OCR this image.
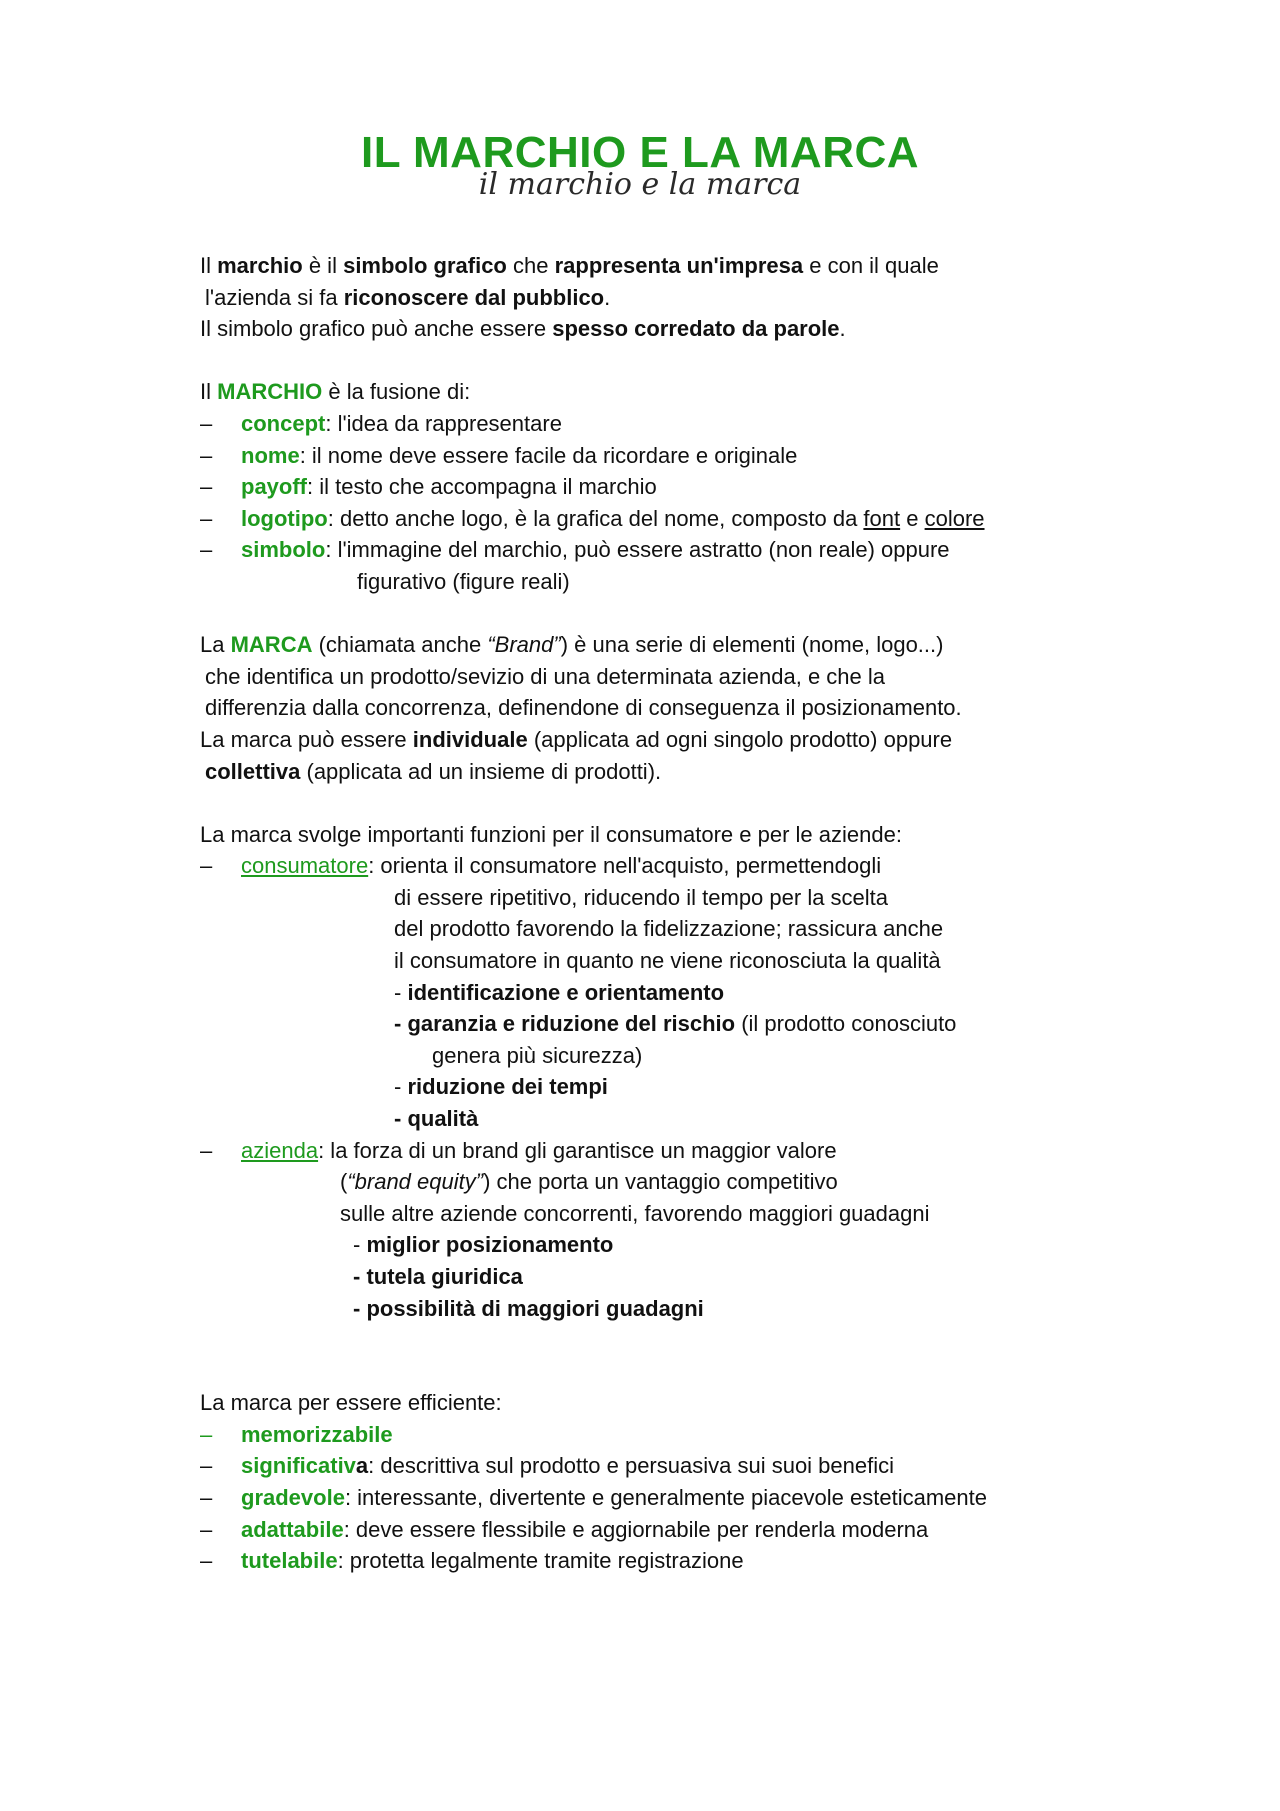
IL MARCHIO E LA MARCA
il marchio e la marca
Il marchio è il simbolo grafico che rappresenta un'impresa e con il quale
l'azienda si fa riconoscere dal pubblico.
Il simbolo grafico può anche essere spesso corredato da parole.
Il MARCHIO è la fusione di:
– concept: l'idea da rappresentare
– nome: il nome deve essere facile da ricordare e originale
– payoff: il testo che accompagna il marchio
– logotipo: detto anche logo, è la grafica del nome, composto da font e colore
– simbolo: l'immagine del marchio, può essere astratto (non reale) oppure
figurativo (figure reali)
La MARCA (chiamata anche “Brand”) è una serie di elementi (nome, logo...)
che identifica un prodotto/sevizio di una determinata azienda, e che la
differenzia dalla concorrenza, definendone di conseguenza il posizionamento.
La marca può essere individuale (applicata ad ogni singolo prodotto) oppure
collettiva (applicata ad un insieme di prodotti).
La marca svolge importanti funzioni per il consumatore e per le aziende:
– consumatore: orienta il consumatore nell'acquisto, permettendogli
di essere ripetitivo, riducendo il tempo per la scelta
del prodotto favorendo la fidelizzazione; rassicura anche
il consumatore in quanto ne viene riconosciuta la qualità
- identificazione e orientamento
- garanzia e riduzione del rischio (il prodotto conosciuto
genera più sicurezza)
- riduzione dei tempi
- qualità
– azienda: la forza di un brand gli garantisce un maggior valore
(“brand equity”) che porta un vantaggio competitivo
sulle altre aziende concorrenti, favorendo maggiori guadagni
- miglior posizionamento
- tutela giuridica
- possibilità di maggiori guadagni
La marca per essere efficiente:
– memorizzabile
– significativa: descrittiva sul prodotto e persuasiva sui suoi benefici
– gradevole: interessante, divertente e generalmente piacevole esteticamente
– adattabile: deve essere flessibile e aggiornabile per renderla moderna
– tutelabile: protetta legalmente tramite registrazione
